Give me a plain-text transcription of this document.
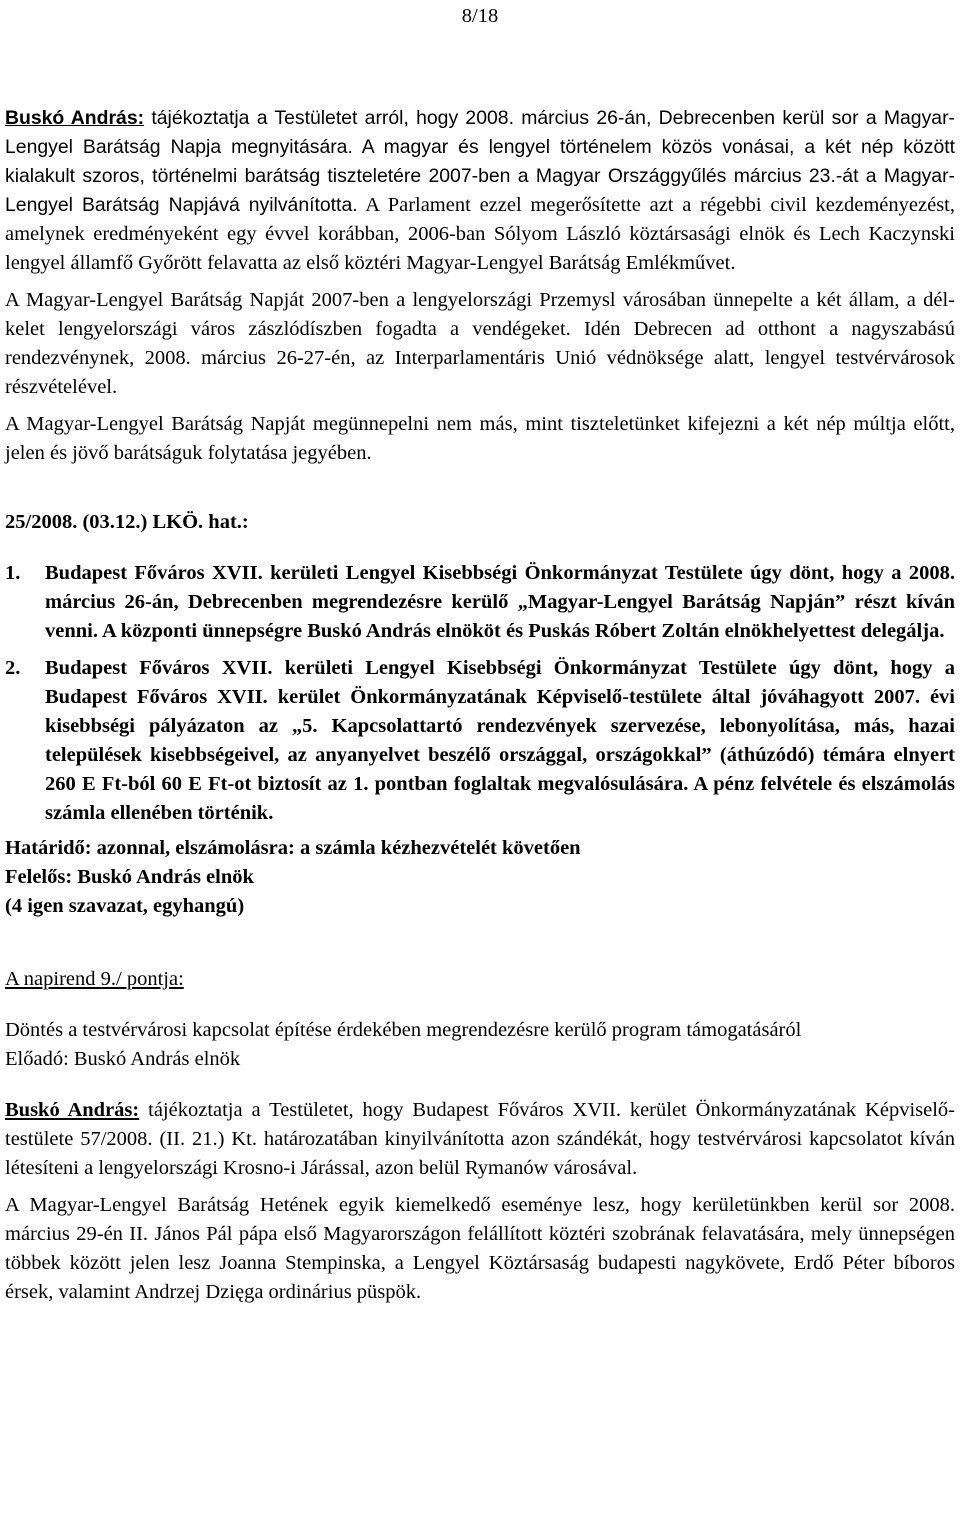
8/18

Buskó András: tájékoztatja a Testületet arról, hogy 2008. március 26-án, Debrecenben kerül sor a Magyar-Lengyel Barátság Napja megnyitására. A magyar és lengyel történelem közös vonásai, a két nép között kialakult szoros, történelmi barátság tiszteletére 2007-ben a Magyar Országgyűlés március 23.-át a Magyar-Lengyel Barátság Napjává nyilvánította. A Parlament ezzel megerősítette azt a régebbi civil kezdeményezést, amelynek eredményeként egy évvel korábban, 2006-ban Sólyom László köztársasági elnök és Lech Kaczynski lengyel államfő Győrött felavatta az első köztéri Magyar-Lengyel Barátság Emlékművet.

A Magyar-Lengyel Barátság Napját 2007-ben a lengyelországi Przemysl városában ünnepelte a két állam, a dél-kelet lengyelországi város zászlódíszben fogadta a vendégeket. Idén Debrecen ad otthont a nagyszabású rendezvénynek, 2008. március 26-27-én, az Interparlamentáris Unió védnöksége alatt, lengyel testvérvárosok részvételével.

A Magyar-Lengyel Barátság Napját megünnepelni nem más, mint tiszteletünket kifejezni a két nép múltja előtt, jelen és jövő barátságuk folytatása jegyében.

25/2008. (03.12.) LKÖ. hat.:

1.	Budapest Főváros XVII. kerületi Lengyel Kisebbségi Önkormányzat Testülete úgy dönt, hogy a 2008. március 26-án, Debrecenben megrendezésre kerülő „Magyar-Lengyel Barátság Napján” részt kíván venni. A központi ünnepségre Buskó András elnököt és Puskás Róbert Zoltán elnökhelyettest delegálja.
2.	Budapest Főváros XVII. kerületi Lengyel Kisebbségi Önkormányzat Testülete úgy dönt, hogy a Budapest Főváros XVII. kerület Önkormányzatának Képviselő-testülete által jóváhagyott 2007. évi kisebbségi pályázaton az „5. Kapcsolattartó rendezvények szervezése, lebonyolítása, más, hazai települések kisebbségeivel, az anyanyelvet beszélő országgal, országokkal” (áthúzódó) témára elnyert 260 E Ft-ból 60 E Ft-ot biztosít az 1. pontban foglaltak megvalósulására. A pénz felvétele és elszámolás számla ellenében történik.

Határidő: azonnal, elszámolásra: a számla kézhezvételét követően

Felelős: Buskó András elnök

(4 igen szavazat, egyhangú)

A napirend 9./ pontja:

Döntés a testvérvárosi kapcsolat építése érdekében megrendezésre kerülő program támogatásáról

Előadó: Buskó András elnök

Buskó András: tájékoztatja a Testületet, hogy Budapest Főváros XVII. kerület Önkormányzatának Képviselő-testülete 57/2008. (II. 21.) Kt. határozatában kinyilvánította azon szándékát, hogy testvérvárosi kapcsolatot kíván létesíteni a lengyelországi Krosno-i Járással, azon belül Rymanów városával.

A Magyar-Lengyel Barátság Hetének egyik kiemelkedő eseménye lesz, hogy kerületünkben kerül sor 2008. március 29-én II. János Pál pápa első Magyarországon felállított köztéri szobrának felavatására, mely ünnepségen többek között jelen lesz Joanna Stempinska, a Lengyel Köztársaság budapesti nagykövete, Erdő Péter bíboros érsek, valamint Andrzej Dzięga ordinárius püspök.
